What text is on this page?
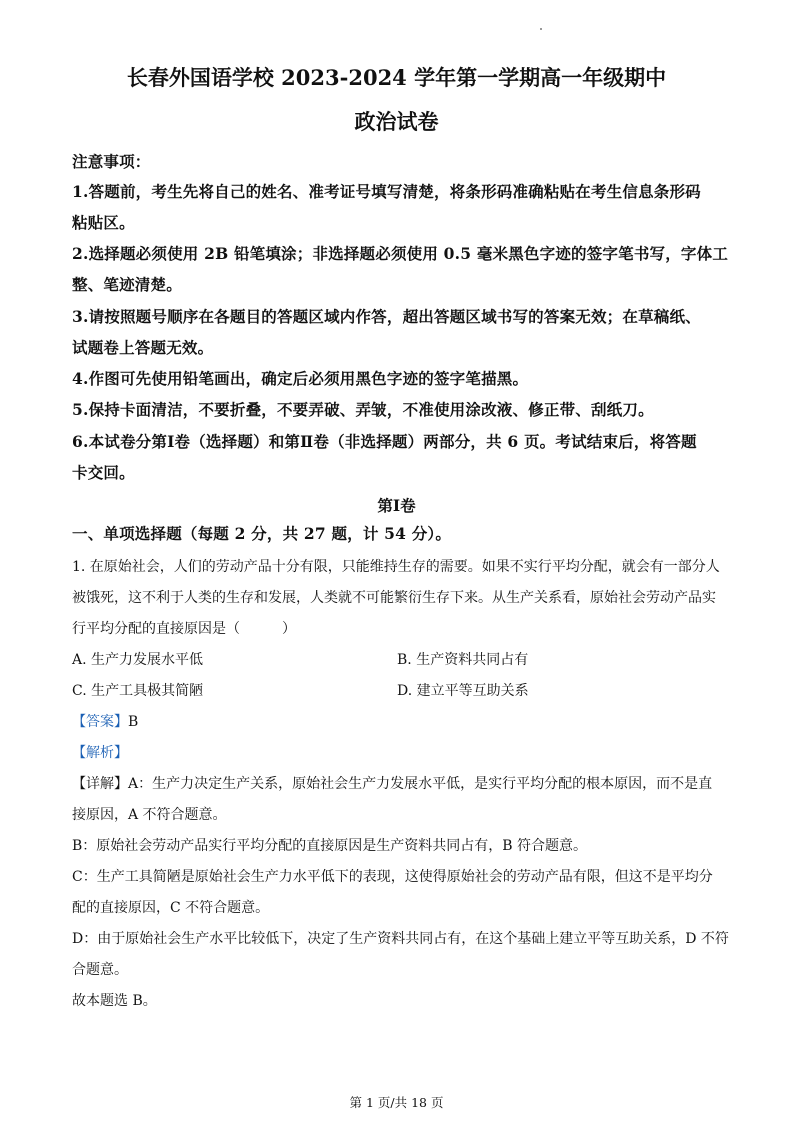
长春外国语学校 2023-2024 学年第一学期高一年级期中
政治试卷
注意事项：
1.答题前，考生先将自己的姓名、准考证号填写清楚，将条形码准确粘贴在考生信息条形码
粘贴区。
2.选择题必须使用 2B 铅笔填涂；非选择题必须使用 0.5 毫米黑色字迹的签字笔书写，字体工
整、笔迹清楚。
3.请按照题号顺序在各题目的答题区域内作答，超出答题区域书写的答案无效；在草稿纸、
试题卷上答题无效。
4.作图可先使用铅笔画出，确定后必须用黑色字迹的签字笔描黑。
5.保持卡面清洁，不要折叠，不要弄破、弄皱，不准使用涂改液、修正带、刮纸刀。
6.本试卷分第Ⅰ卷（选择题）和第Ⅱ卷（非选择题）两部分，共 6 页。考试结束后，将答题
卡交回。
第Ⅰ卷
一、单项选择题（每题 2 分，共 27 题，计 54 分）。
1. 在原始社会，人们的劳动产品十分有限，只能维持生存的需要。如果不实行平均分配，就会有一部分人
被饿死，这不利于人类的生存和发展，人类就不可能繁衍生存下来。从生产关系看，原始社会劳动产品实
行平均分配的直接原因是（　　　）
A. 生产力发展水平低	B. 生产资料共同占有
C. 生产工具极其简陋	D. 建立平等互助关系
【答案】B
【解析】
【详解】A：生产力决定生产关系，原始社会生产力发展水平低，是实行平均分配的根本原因，而不是直
接原因，A 不符合题意。
B：原始社会劳动产品实行平均分配的直接原因是生产资料共同占有，B 符合题意。
C：生产工具简陋是原始社会生产力水平低下的表现，这使得原始社会的劳动产品有限，但这不是平均分
配的直接原因，C 不符合题意。
D：由于原始社会生产水平比较低下，决定了生产资料共同占有，在这个基础上建立平等互助关系，D 不符
合题意。
故本题选 B。
第 1 页/共 18 页
